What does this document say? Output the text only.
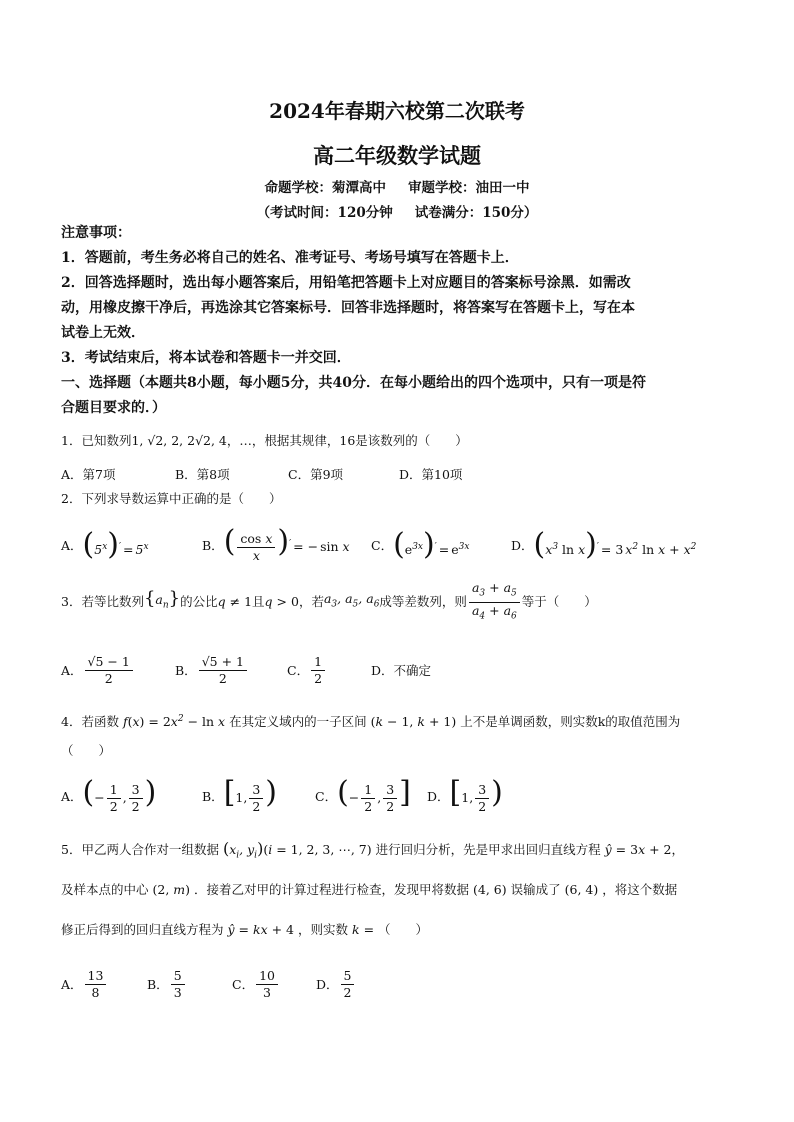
2024年春期六校第二次联考
高二年级数学试题
命题学校：菊潭高中 审题学校：油田一中
（考试时间：120分钟 试卷满分：150分）
注意事项：
1．答题前，考生务必将自己的姓名、准考证号、考场号填写在答题卡上．
2．回答选择题时，选出每小题答案后，用铅笔把答题卡上对应题目的答案标号涂黑．如需改
动，用橡皮擦干净后，再选涂其它答案标号．回答非选择题时，将答案写在答题卡上，写在本
试卷上无效．
3．考试结束后，将本试卷和答题卡一并交回．
一、选择题（本题共8小题，每小题5分，共40分．在每小题给出的四个选项中，只有一项是符
合题目要求的．）
1．已知数列1, √2, 2, 2√2, 4，…，根据其规律，16是该数列的（　　）
A．第7项	B．第8项	C．第9项	D．第10项
2．下列求导数运算中正确的是（　　）
A． $(5^x)' = 5^x$	B． ( $\frac{\text{cos x}}{x} )'$ = − sin x C． $(e^{3x})' = e^{3x}$	D． ($x^3$ ln x)′ = 3 $x^2$ $\ln x + x^2$
3．若等比数列 $\{a_n\}$ 的公比 q ≠ 1 且 q > 0 ，若 $a_3$, $a_5$, $a_6$ 成等差数列，则 $\frac{a_3 + a_5}{a_4 + a_6}$ 等于（　　）
A． $\frac{√5 - 1}{2}$	B． $\frac{√5 + 1}{2}$	C． $\frac{1}{2}$	D．不确定
4．若函数 $f(x) = 2x^2 - \ln x$ 在其定义域内的一子区间 (k − 1, k + 1) 上不是单调函数，则实数k的取值范围为
（　　）
A． (− $\frac{1}{2}$ , $\frac{3}{2}$ )	B． [1, $\frac{3}{2}$ )	C． (− $\frac{1}{2}$ , $\frac{3}{2}$ ] D． [1, $\frac{3}{2}$ )
5．甲乙两人合作对一组数据 ($x_i$, $y_i)(i = 1$, 2, 3, ⋯, 7) 进行回归分析，先是甲求出回归直线方程 ŷ = 3x + 2，
及样本点的中心 (2, m) ．接着乙对甲的计算过程进行检查，发现甲将数据 (4, 6) 误输成了 (6, 4) ，将这个数据
修正后得到的回归直线方程为 ŷ = kx + 4 ，则实数 k = （　　）
A． $\frac{13}{8}$	B． $\frac{5}{3}$	C． $\frac{10}{3}$	D． $\frac{5}{2}$
